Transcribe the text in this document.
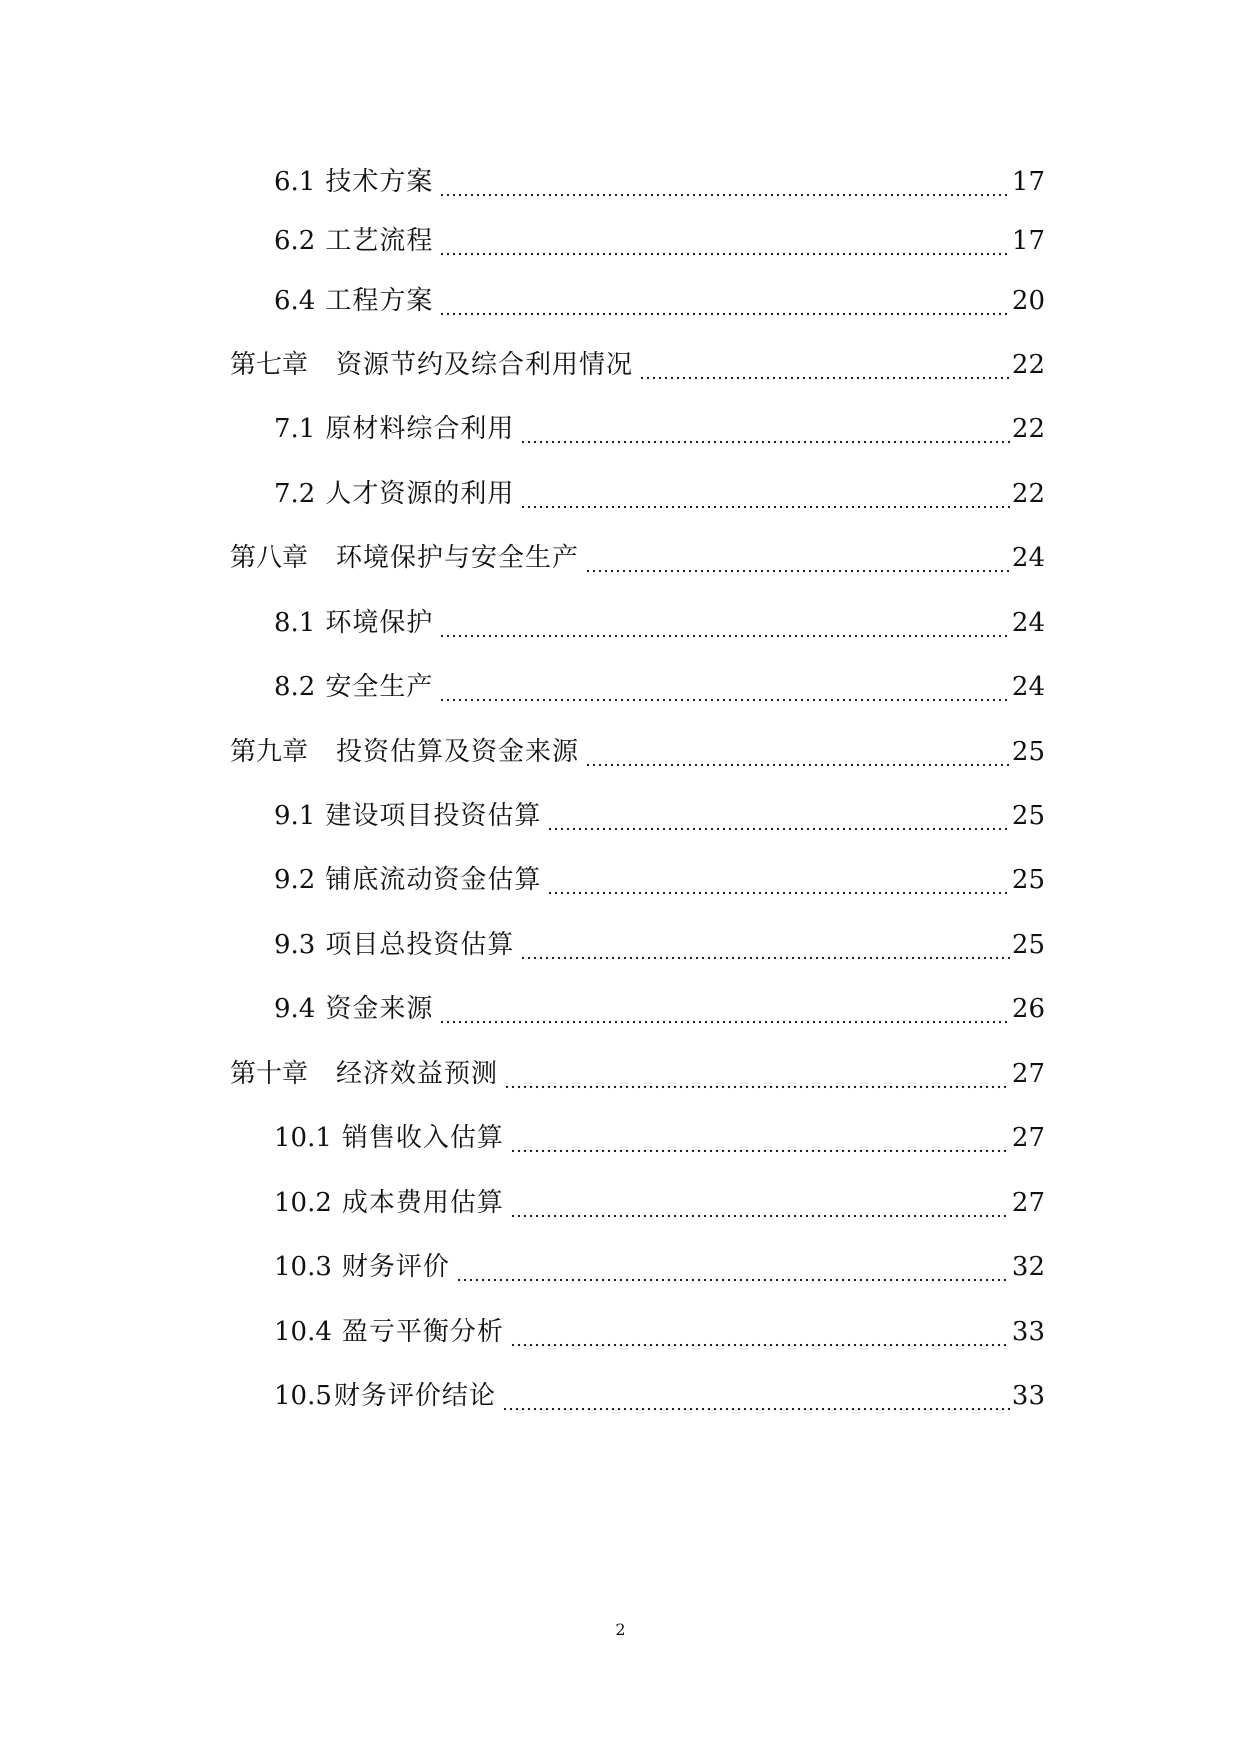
6.1 技术方案	17
6.2 工艺流程	17
6.4 工程方案	20
第七章 资源节约及综合利用情况	22
7.1 原材料综合利用	22
7.2 人才资源的利用	22
第八章 环境保护与安全生产	24
8.1 环境保护	24
8.2 安全生产	24
第九章 投资估算及资金来源	25
9.1 建设项目投资估算	25
9.2 铺底流动资金估算	25
9.3 项目总投资估算	25
9.4 资金来源	26
第十章 经济效益预测	27
10.1 销售收入估算	27
10.2 成本费用估算	27
10.3 财务评价	32
10.4 盈亏平衡分析	33
10.5 财务评价结论	33
2
